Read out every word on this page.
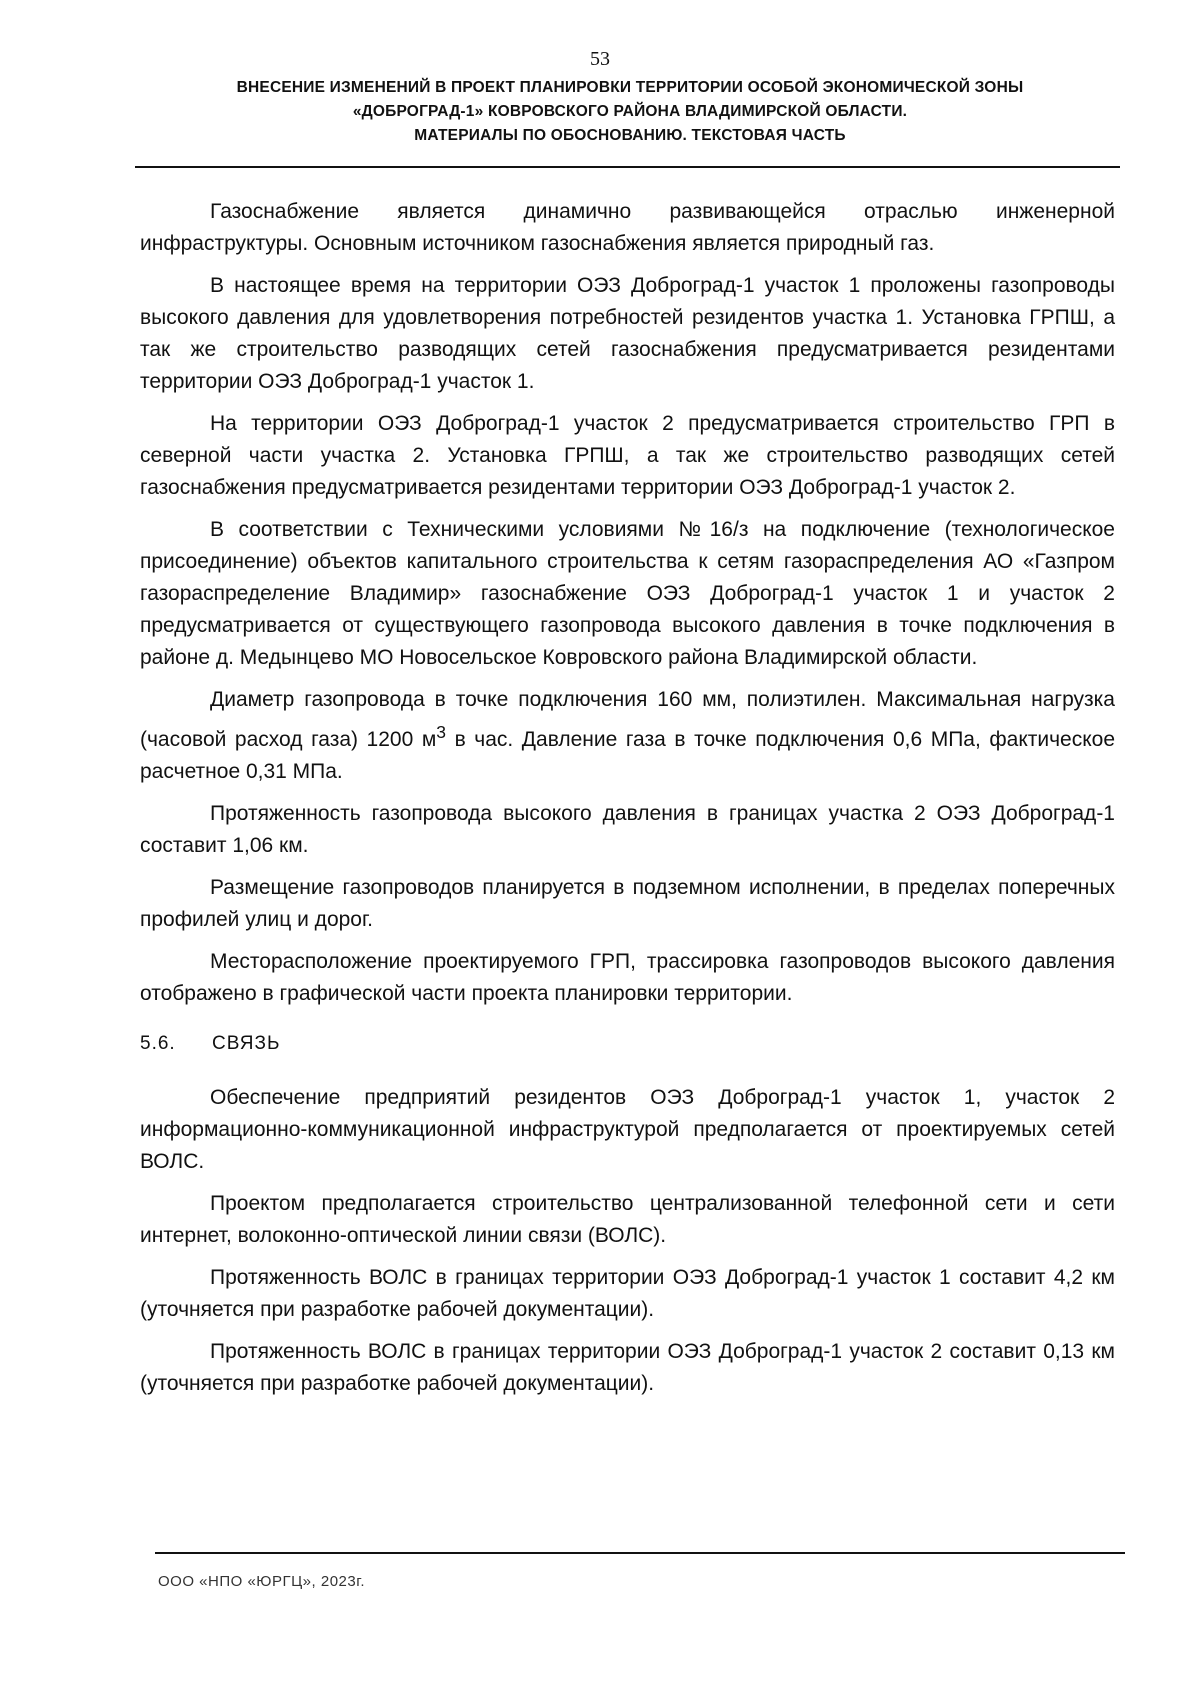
53
ВНЕСЕНИЕ ИЗМЕНЕНИЙ В ПРОЕКТ ПЛАНИРОВКИ ТЕРРИТОРИИ ОСОБОЙ ЭКОНОМИЧЕСКОЙ ЗОНЫ
«ДОБРОГРАД-1» КОВРОВСКОГО РАЙОНА ВЛАДИМИРСКОЙ ОБЛАСТИ.
МАТЕРИАЛЫ ПО ОБОСНОВАНИЮ. ТЕКСТОВАЯ ЧАСТЬ

Газоснабжение является динамично развивающейся отраслью инженерной инфраструктуры. Основным источником газоснабжения является природный газ.

В настоящее время на территории ОЭЗ Доброград-1 участок 1 проложены газопроводы высокого давления для удовлетворения потребностей резидентов участка 1. Установка ГРПШ, а так же строительство разводящих сетей газоснабжения предусматривается резидентами территории ОЭЗ Доброград-1 участок 1.

На территории ОЭЗ Доброград-1 участок 2 предусматривается строительство ГРП в северной части участка 2. Установка ГРПШ, а так же строительство разводящих сетей газоснабжения предусматривается резидентами территории ОЭЗ Доброград-1 участок 2.

В соответствии с Техническими условиями №16/з на подключение (технологическое присоединение) объектов капитального строительства к сетям газораспределения АО «Газпром газораспределение Владимир» газоснабжение ОЭЗ Доброград-1 участок 1 и участок 2 предусматривается от существующего газопровода высокого давления в точке подключения в районе д. Медынцево МО Новосельское Ковровского района Владимирской области.

Диаметр газопровода в точке подключения 160 мм, полиэтилен. Максимальная нагрузка (часовой расход газа) 1200 $м^3$ в час. Давление газа в точке подключения 0,6 МПа, фактическое расчетное 0,31 МПа.

Протяженность газопровода высокого давления в границах участка 2 ОЭЗ Доброград-1 составит 1,06 км.

Размещение газопроводов планируется в подземном исполнении, в пределах поперечных профилей улиц и дорог.

Месторасположение проектируемого ГРП, трассировка газопроводов высокого давления отображено в графической части проекта планировки территории.

5.6. СВЯЗЬ

Обеспечение предприятий резидентов ОЭЗ Доброград-1 участок 1, участок 2 информационно-коммуникационной инфраструктурой предполагается от проектируемых сетей ВОЛС.

Проектом предполагается строительство централизованной телефонной сети и сети интернет, волоконно-оптической линии связи (ВОЛС).

Протяженность ВОЛС в границах территории ОЭЗ Доброград-1 участок 1 составит 4,2 км (уточняется при разработке рабочей документации).

Протяженность ВОЛС в границах территории ОЭЗ Доброград-1 участок 2 составит 0,13 км (уточняется при разработке рабочей документации).

ООО «НПО «ЮРГЦ», 2023г.
